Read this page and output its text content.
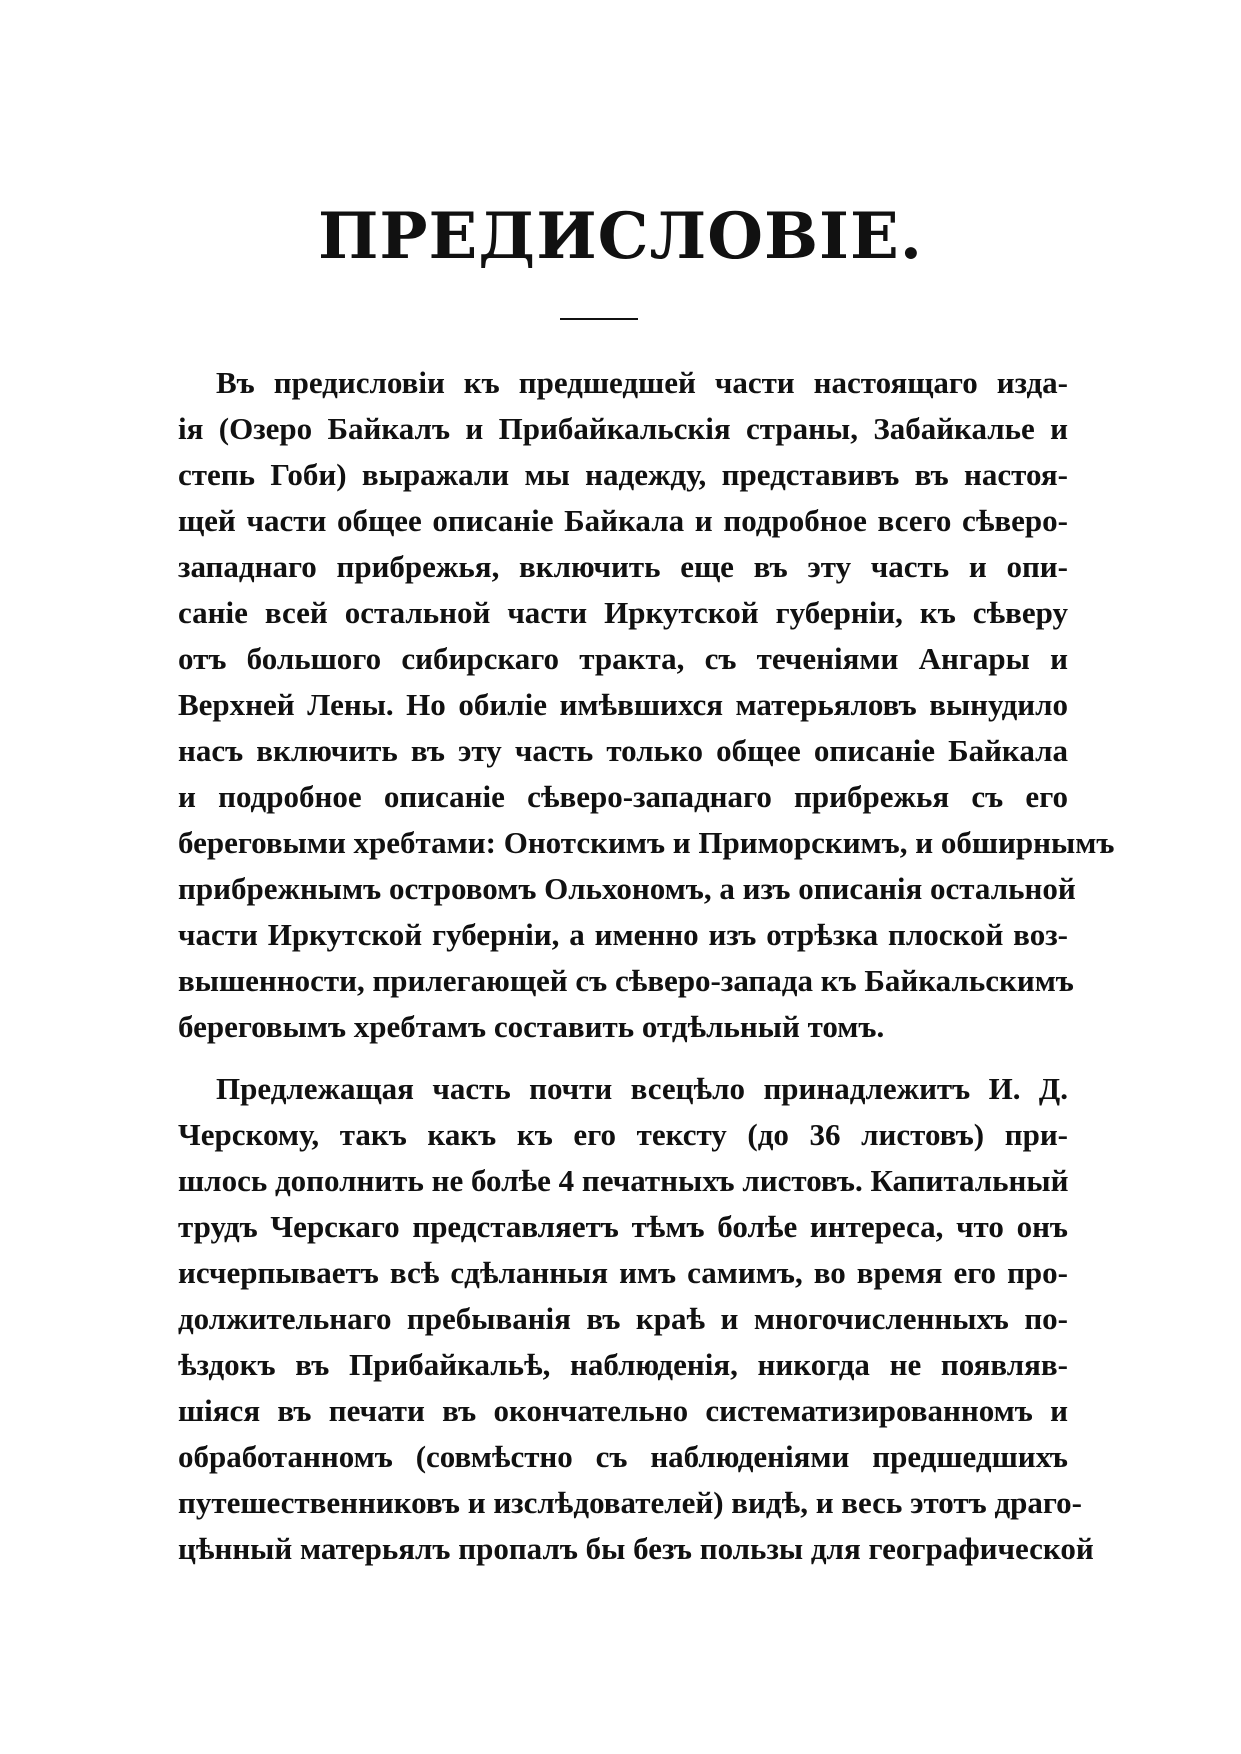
ПРЕДИСЛОВІЕ.
Въ предисловіи къ предшедшей части настоящаго изда-
ія (Озеро Байкалъ и Прибайкальскія страны, Забайкалье и
степь Гоби) выражали мы надежду, представивъ въ настоя-
щей части общее описаніе Байкала и подробное всего сѣверо-
западнаго прибрежья, включить еще въ эту часть и опи-
саніе всей остальной части Иркутской губерніи, къ сѣверу
отъ большого сибирскаго тракта, съ теченіями Ангары и
Верхней Лены. Но обиліе имѣвшихся матерьяловъ вынудило
насъ включить въ эту часть только общее описаніе Байкала
и подробное описаніе сѣверо-западнаго прибрежья съ его
береговыми хребтами: Онотскимъ и Приморскимъ, и обширнымъ
прибрежнымъ островомъ Ольхономъ, а изъ описанія остальной
части Иркутской губерніи, а именно изъ отрѣзка плоской воз-
вышенности, прилегающей съ сѣверо-запада къ Байкальскимъ
береговымъ хребтамъ составить отдѣльный томъ.
Предлежащая часть почти всецѣло принадлежитъ И. Д.
Черскому, такъ какъ къ его тексту (до 36 листовъ) при-
шлось дополнить не болѣе 4 печатныхъ листовъ. Капитальный
трудъ Черскаго представляетъ тѣмъ болѣе интереса, что онъ
исчерпываетъ всѣ сдѣланныя имъ самимъ, во время его про-
должительнаго пребыванія въ краѣ и многочисленныхъ по-
ѣздокъ въ Прибайкальѣ, наблюденія, никогда не появляв-
шіяся въ печати въ окончательно систематизированномъ и
обработанномъ (совмѣстно съ наблюденіями предшедшихъ
путешественниковъ и изслѣдователей) видѣ, и весь этотъ драго-
цѣнный матерьялъ пропалъ бы безъ пользы для географической
